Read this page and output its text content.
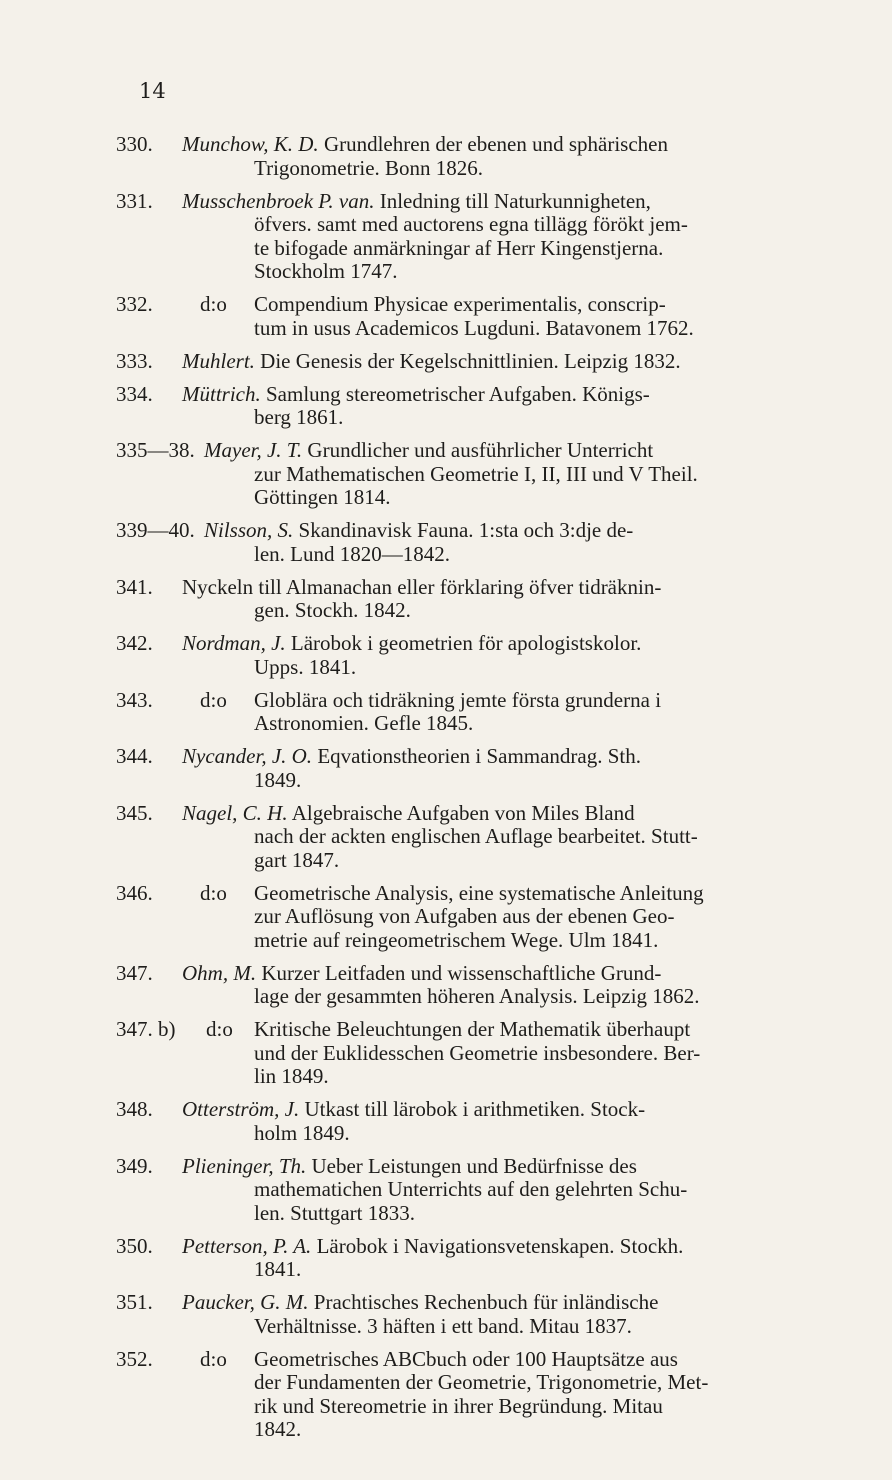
14
330. Munchow, K. D. Grundlehren der ebenen und sphärischen
Trigonometrie. Bonn 1826.
331. Musschenbroek P. van. Inledning till Naturkunnigheten,
öfvers. samt med auctorens egna tillägg förökt jem-
te bifogade anmärkningar af Herr Kingenstjerna.
Stockholm 1747.
332. d:o Compendium Physicae experimentalis, conscrip-
tum in usus Academicos Lugduni. Batavonem 1762.
333. Muhlert. Die Genesis der Kegelschnittlinien. Leipzig 1832.
334. Müttrich. Samlung stereometrischer Aufgaben. Königs-
berg 1861.
335—38. Mayer, J. T. Grundlicher und ausführlicher Unterricht
zur Mathematischen Geometrie I, II, III und V Theil.
Göttingen 1814.
339—40. Nilsson, S. Skandinavisk Fauna. 1:sta och 3:dje de-
len. Lund 1820—1842.
341. Nyckeln till Almanachan eller förklaring öfver tidräknin-
gen. Stockh. 1842.
342. Nordman, J. Lärobok i geometrien för apologistskolor.
Upps. 1841.
343. d:o Globlära och tidräkning jemte första grunderna i
Astronomien. Gefle 1845.
344. Nycander, J. O. Eqvationstheorien i Sammandrag. Sth.
1849.
345. Nagel, C. H. Algebraische Aufgaben von Miles Bland
nach der ackten englischen Auflage bearbeitet. Stutt-
gart 1847.
346. d:o Geometrische Analysis, eine systematische Anleitung
zur Auflösung von Aufgaben aus der ebenen Geo-
metrie auf reingeometrischem Wege. Ulm 1841.
347. Ohm, M. Kurzer Leitfaden und wissenschaftliche Grund-
lage der gesammten höheren Analysis. Leipzig 1862.
347. b) d:o Kritische Beleuchtungen der Mathematik überhaupt
und der Euklidesschen Geometrie insbesondere. Ber-
lin 1849.
348. Otterström, J. Utkast till lärobok i arithmetiken. Stock-
holm 1849.
349. Plieninger, Th. Ueber Leistungen und Bedürfnisse des
mathematichen Unterrichts auf den gelehrten Schu-
len. Stuttgart 1833.
350. Petterson, P. A. Lärobok i Navigationsvetenskapen. Stockh.
1841.
351. Paucker, G. M. Prachtisches Rechenbuch für inländische
Verhältnisse. 3 häften i ett band. Mitau 1837.
352. d:o Geometrisches ABCbuch oder 100 Hauptsätze aus
der Fundamenten der Geometrie, Trigonometrie, Met-
rik und Stereometrie in ihrer Begründung. Mitau
1842.
